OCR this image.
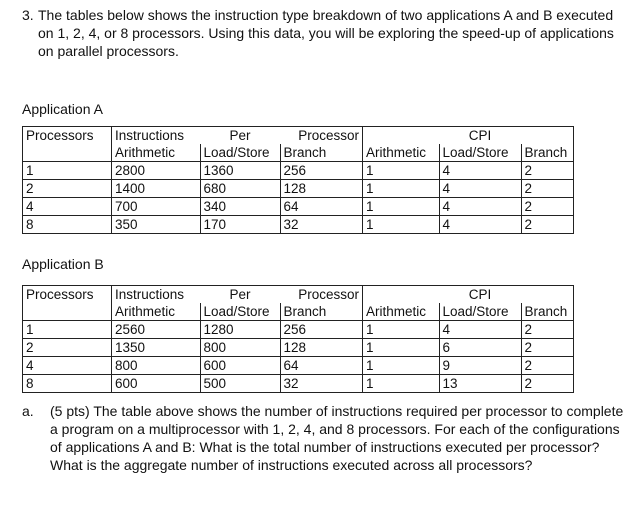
3. The tables below shows the instruction type breakdown of two applications A and B executed on 1, 2, 4, or 8 processors. Using this data, you will be exploring the speed-up of applications on parallel processors.
Application A
Processors	Instructions	Per	Processor		CPI	
	Arithmetic	Load/Store	Branch	Arithmetic	Load/Store	Branch
1	2800	1360	256	1	4	2
2	1400	680	128	1	4	2
4	700	340	64	1	4	2
8	350	170	32	1	4	2
Application B
Processors	Instructions	Per	Processor		CPI	
	Arithmetic	Load/Store	Branch	Arithmetic	Load/Store	Branch
1	2560	1280	256	1	4	2
2	1350	800	128	1	6	2
4	800	600	64	1	9	2
8	600	500	32	1	13	2
a. (5 pts) The table above shows the number of instructions required per processor to complete a program on a multiprocessor with 1, 2, 4, and 8 processors. For each of the configurations of applications A and B: What is the total number of instructions executed per processor? What is the aggregate number of instructions executed across all processors?
